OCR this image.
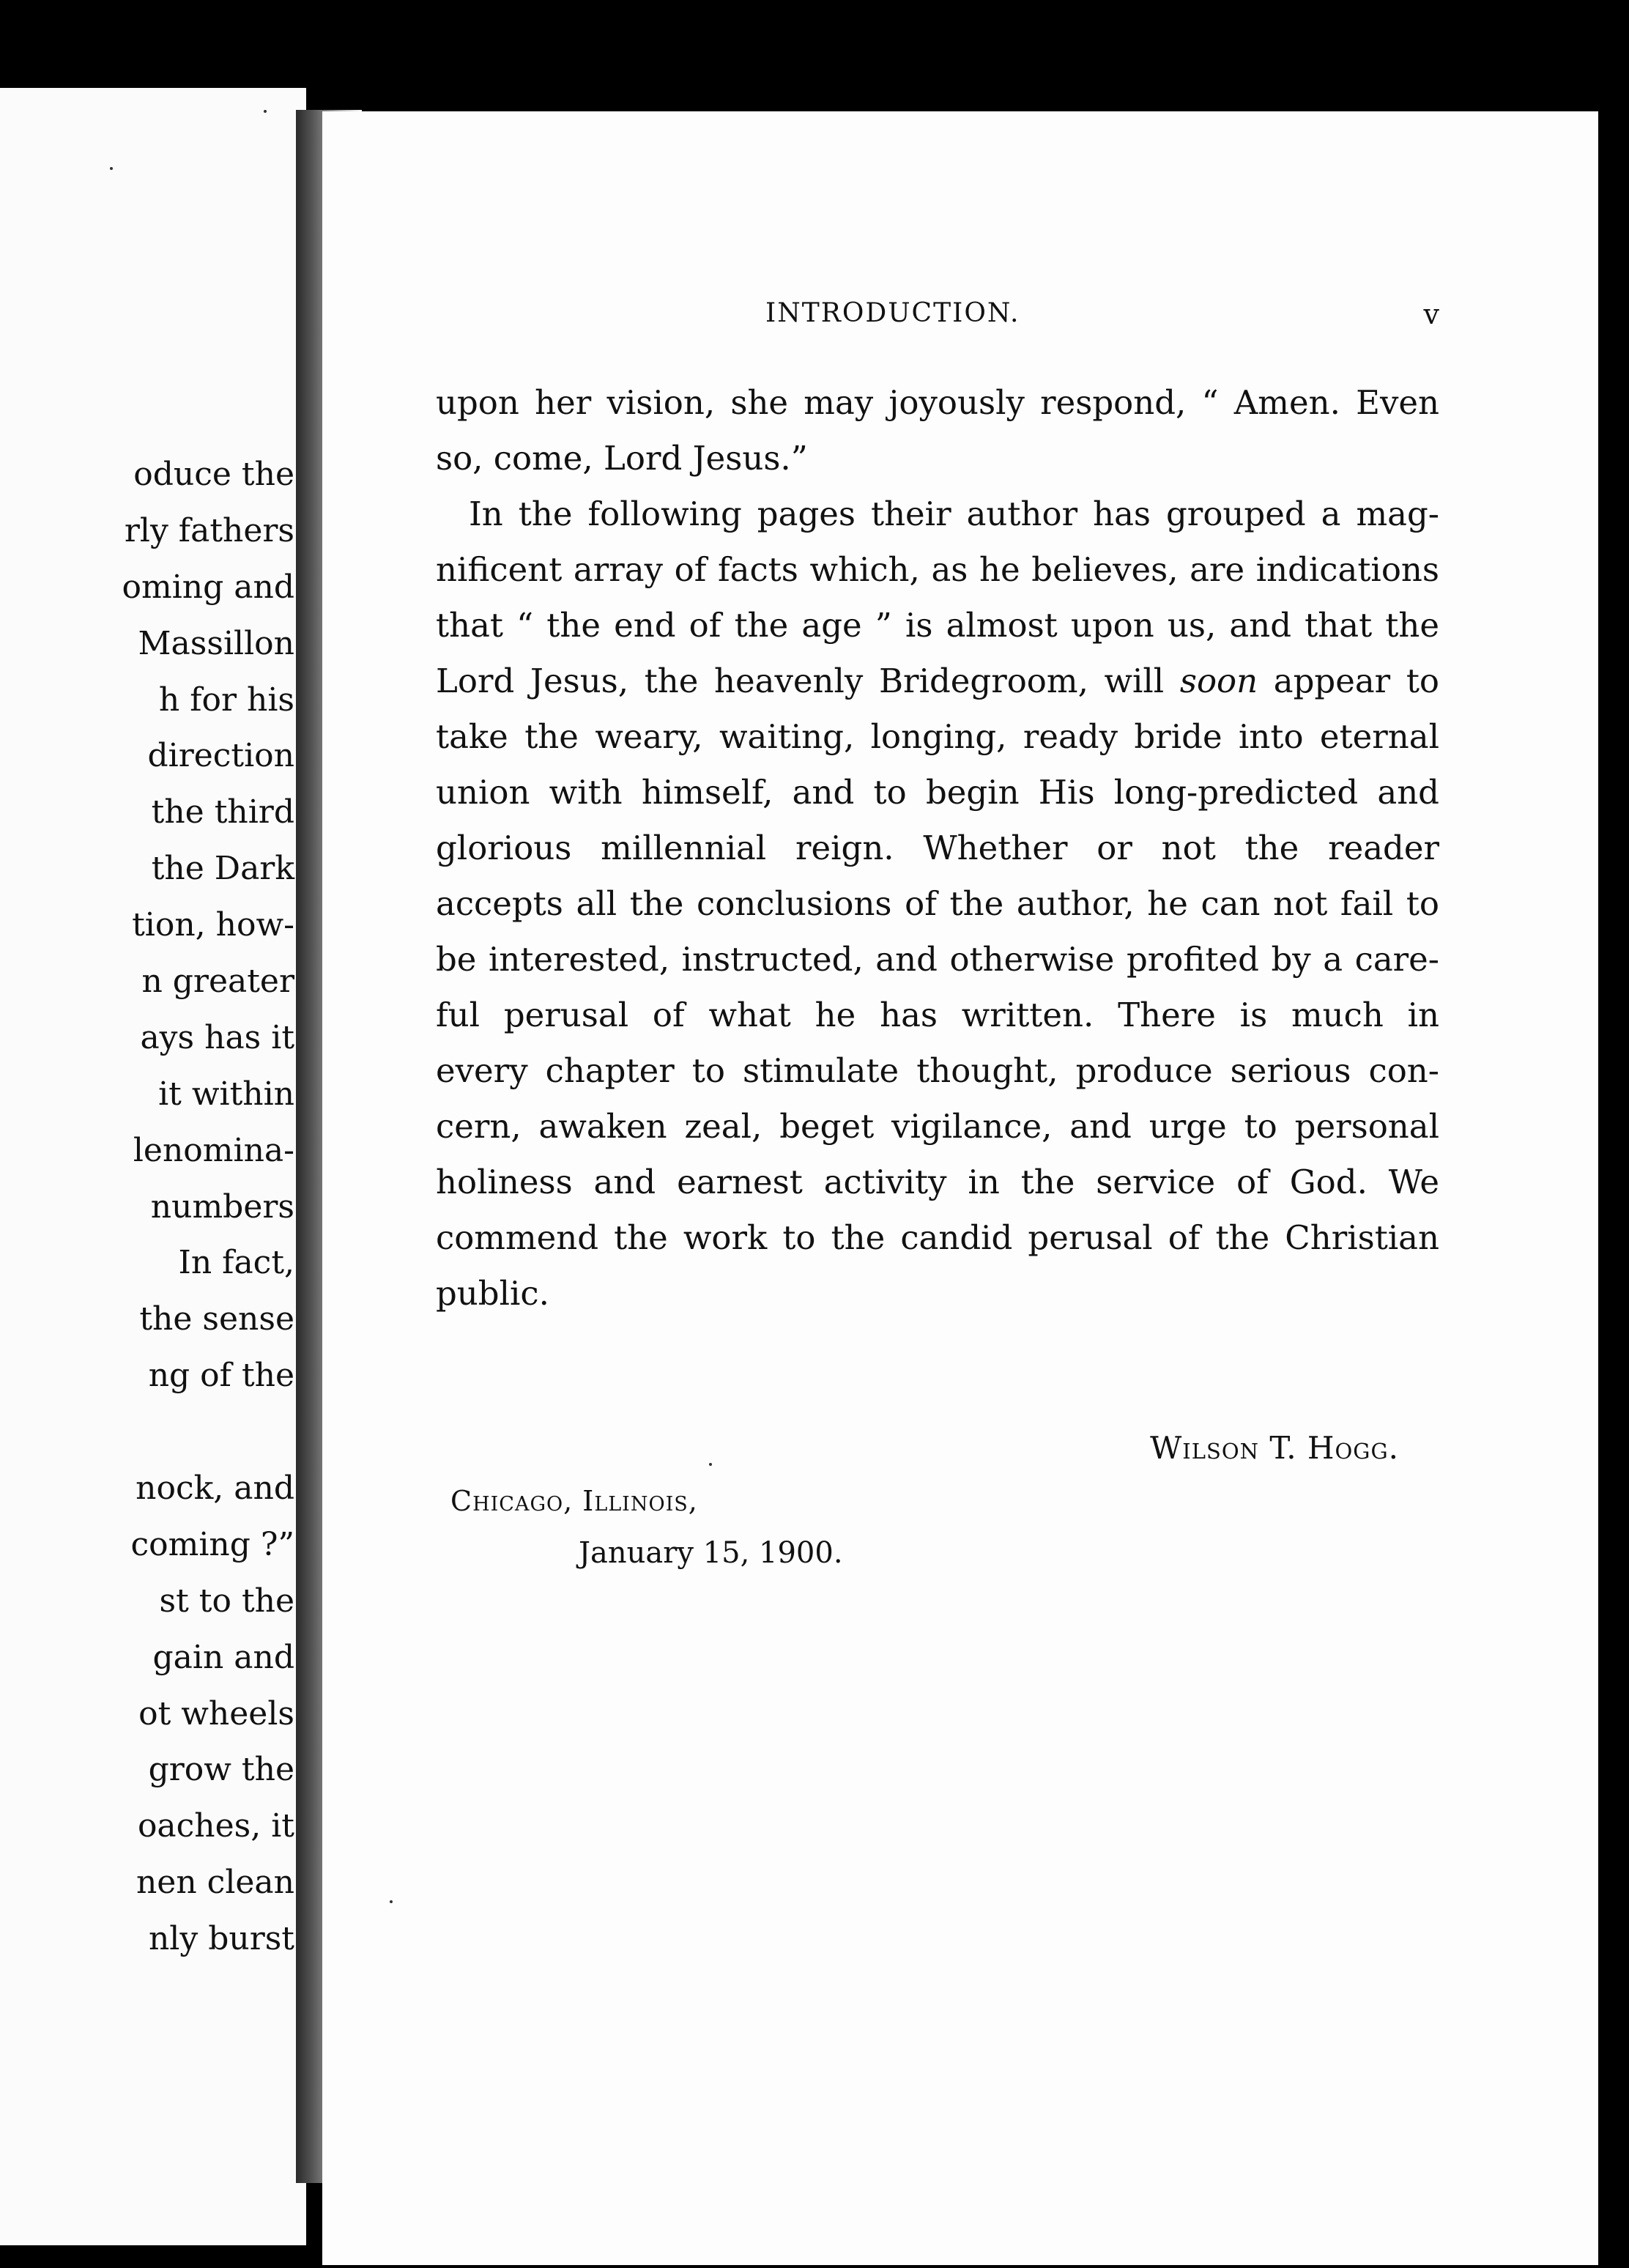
oduce the
rly fathers
oming and
Massillon
h for his
direction
the third
the Dark
tion, how-
n greater
ays has it
it within
lenomina-
numbers
In fact,
the sense
ng of the
nock, and
coming ?”
st to the
gain and
ot wheels
grow the
oaches, it
nen clean
nly burst
INTRODUCTION.	v
upon her vision, she may joyously respond, “ Amen. Even
so, come, Lord Jesus.”
In the following pages their author has grouped a mag-
nificent array of facts which, as he believes, are indications
that “ the end of the age ” is almost upon us, and that the
Lord Jesus, the heavenly Bridegroom, will soon appear to
take the weary, waiting, longing, ready bride into eternal
union with himself, and to begin His long-predicted and
glorious millennial reign. Whether or not the reader
accepts all the conclusions of the author, he can not fail to
be interested, instructed, and otherwise profited by a care-
ful perusal of what he has written. There is much in
every chapter to stimulate thought, produce serious con-
cern, awaken zeal, beget vigilance, and urge to personal
holiness and earnest activity in the service of God. We
commend the work to the candid perusal of the Christian
public.
Wilson T. Hogg.
Chicago, Illinois,
January 15, 1900.
